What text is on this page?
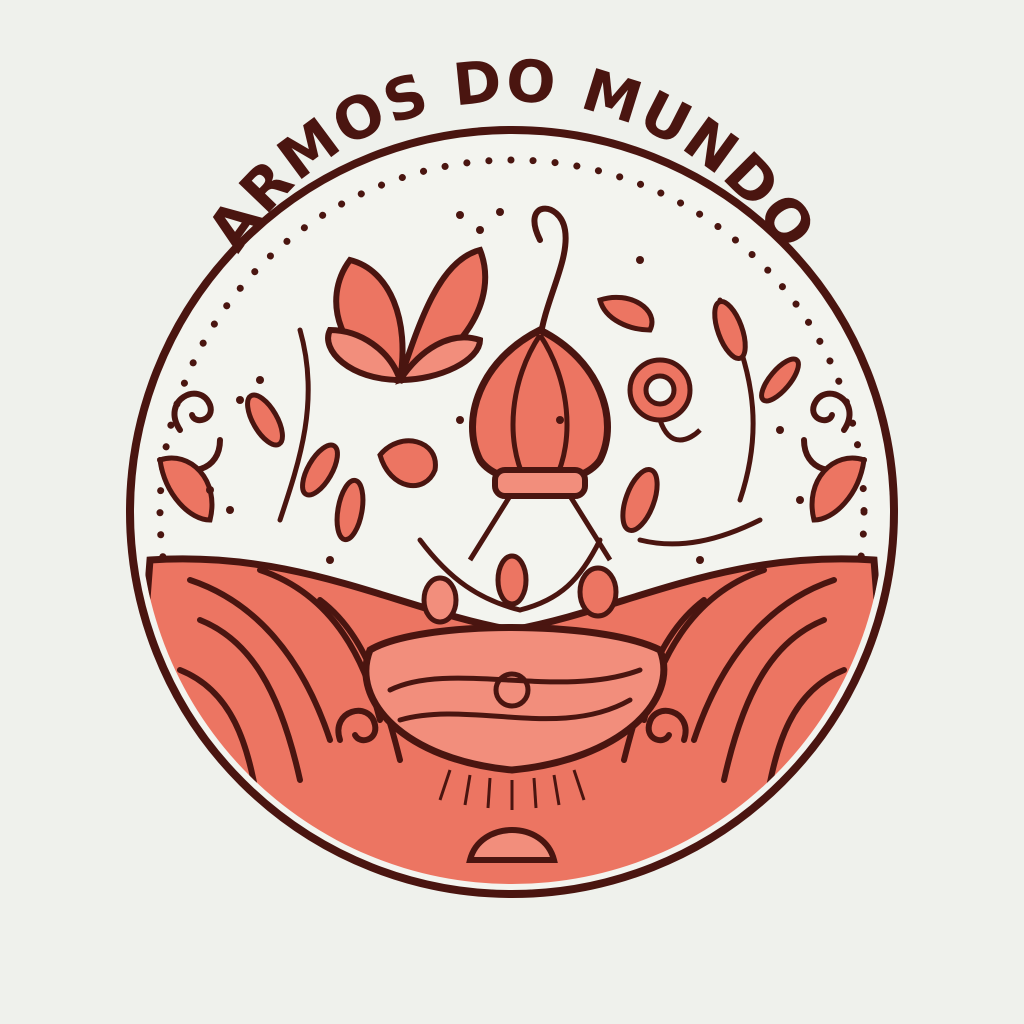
ARMOS DO MUNDO
